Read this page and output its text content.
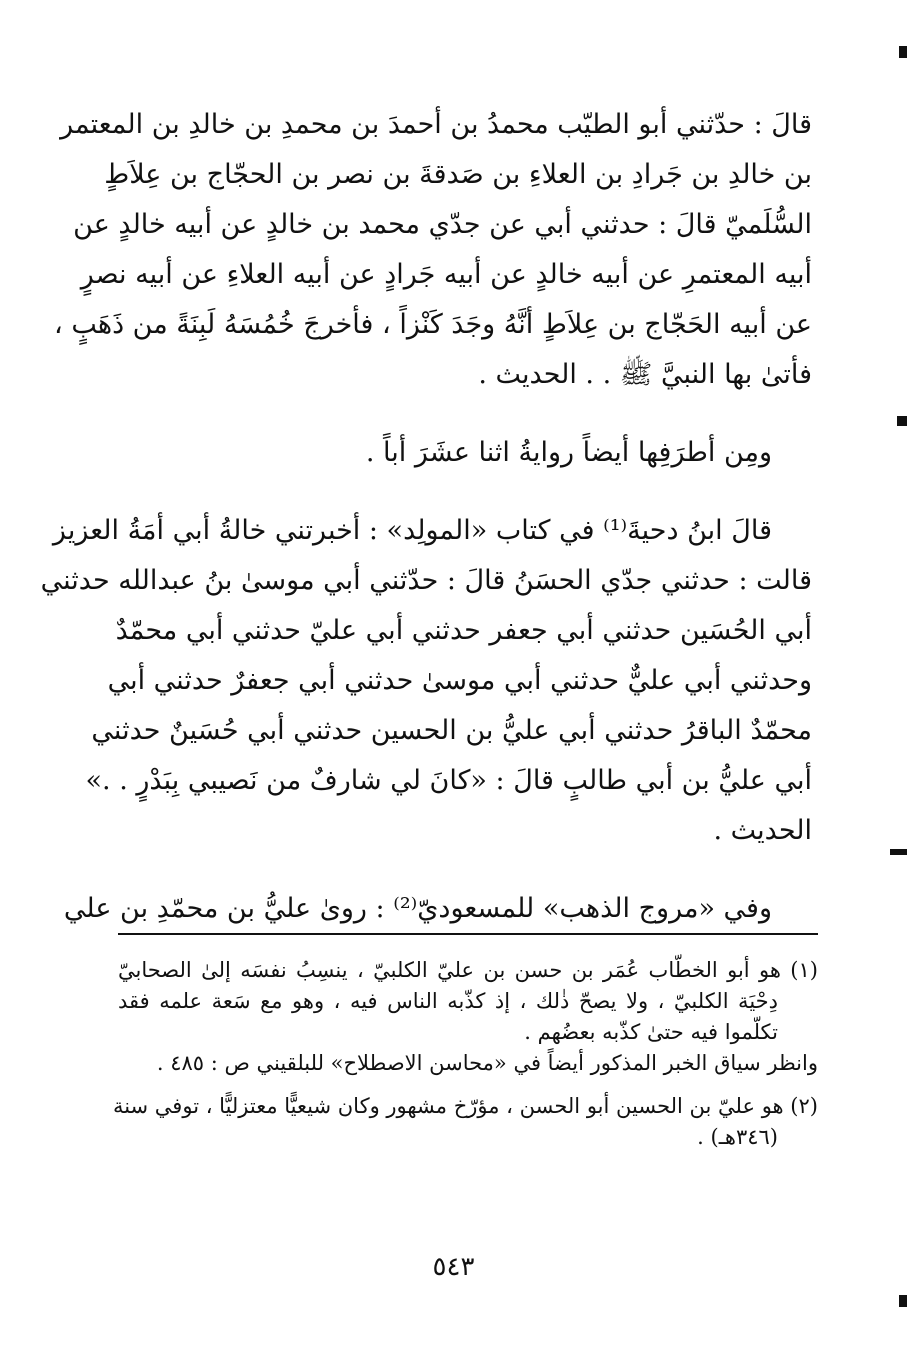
قالَ : حدّثني أبو الطيّب محمدُ بن أحمدَ بن محمدِ بن خالدِ بن المعتمر
بن خالدِ بن جَرادِ بن العلاءِ بن صَدقةَ بن نصر بن الحجّاج بن عِلاَطٍ
السُّلَميّ قالَ : حدثني أبي عن جدّي محمد بن خالدٍ عن أبيه خالدٍ عن
أبيه المعتمرِ عن أبيه خالدٍ عن أبيه جَرادٍ عن أبيه العلاءِ عن أبيه نصرٍ
عن أبيه الحَجّاج بن عِلاَطٍ أنَّهُ وجَدَ كَنْزاً ، فأخرجَ خُمُسَهُ لَبِنَةً من ذَهَبٍ ،
فأتىٰ بها النبيَّ ﷺ . . الحديث .
ومِن أطرَفِها أيضاً روايةُ اثنا عشَرَ أباً .
قالَ ابنُ دحيةَ⁽¹⁾ في كتاب «المولِد» : أخبرتني خالةُ أبي أمَةُ العزيز
قالت : حدثني جدّي الحسَنُ قالَ : حدّثني أبي موسىٰ بنُ عبدالله حدثني
أبي الحُسَين حدثني أبي جعفر حدثني أبي عليّ حدثني أبي محمّدٌ
وحدثني أبي عليٌّ حدثني أبي موسىٰ حدثني أبي جعفرٌ حدثني أبي
محمّدٌ الباقرُ حدثني أبي عليُّ بن الحسين حدثني أبي حُسَينٌ حدثني
أبي عليُّ بن أبي طالبٍ قالَ : «كانَ لي شارفٌ من نَصيبي بِبَدْرٍ . .»
الحديث .
وفي «مروج الذهب» للمسعوديّ⁽²⁾ : روىٰ عليُّ بن محمّدِ بن علي
(١) هو أبو الخطّاب عُمَر بن حسن بن عليّ الكلبيّ ، ينسِبُ نفسَه إلىٰ الصحابيّ
دِحْيَة الكلبيّ ، ولا يصحّ ذٰلك ، إذ كذّبه الناس فيه ، وهو مع سَعة علمه فقد
تكلّموا فيه حتىٰ كذّبه بعضُهم .
وانظر سياق الخبر المذكور أيضاً في «محاسن الاصطلاح» للبلقيني ص : ٤٨٥ .
(٢) هو عليّ بن الحسين أبو الحسن ، مؤرّخ مشهور وكان شيعيًّا معتزليًّا ، توفي سنة
(٣٤٦هـ) .
٥٤٣
